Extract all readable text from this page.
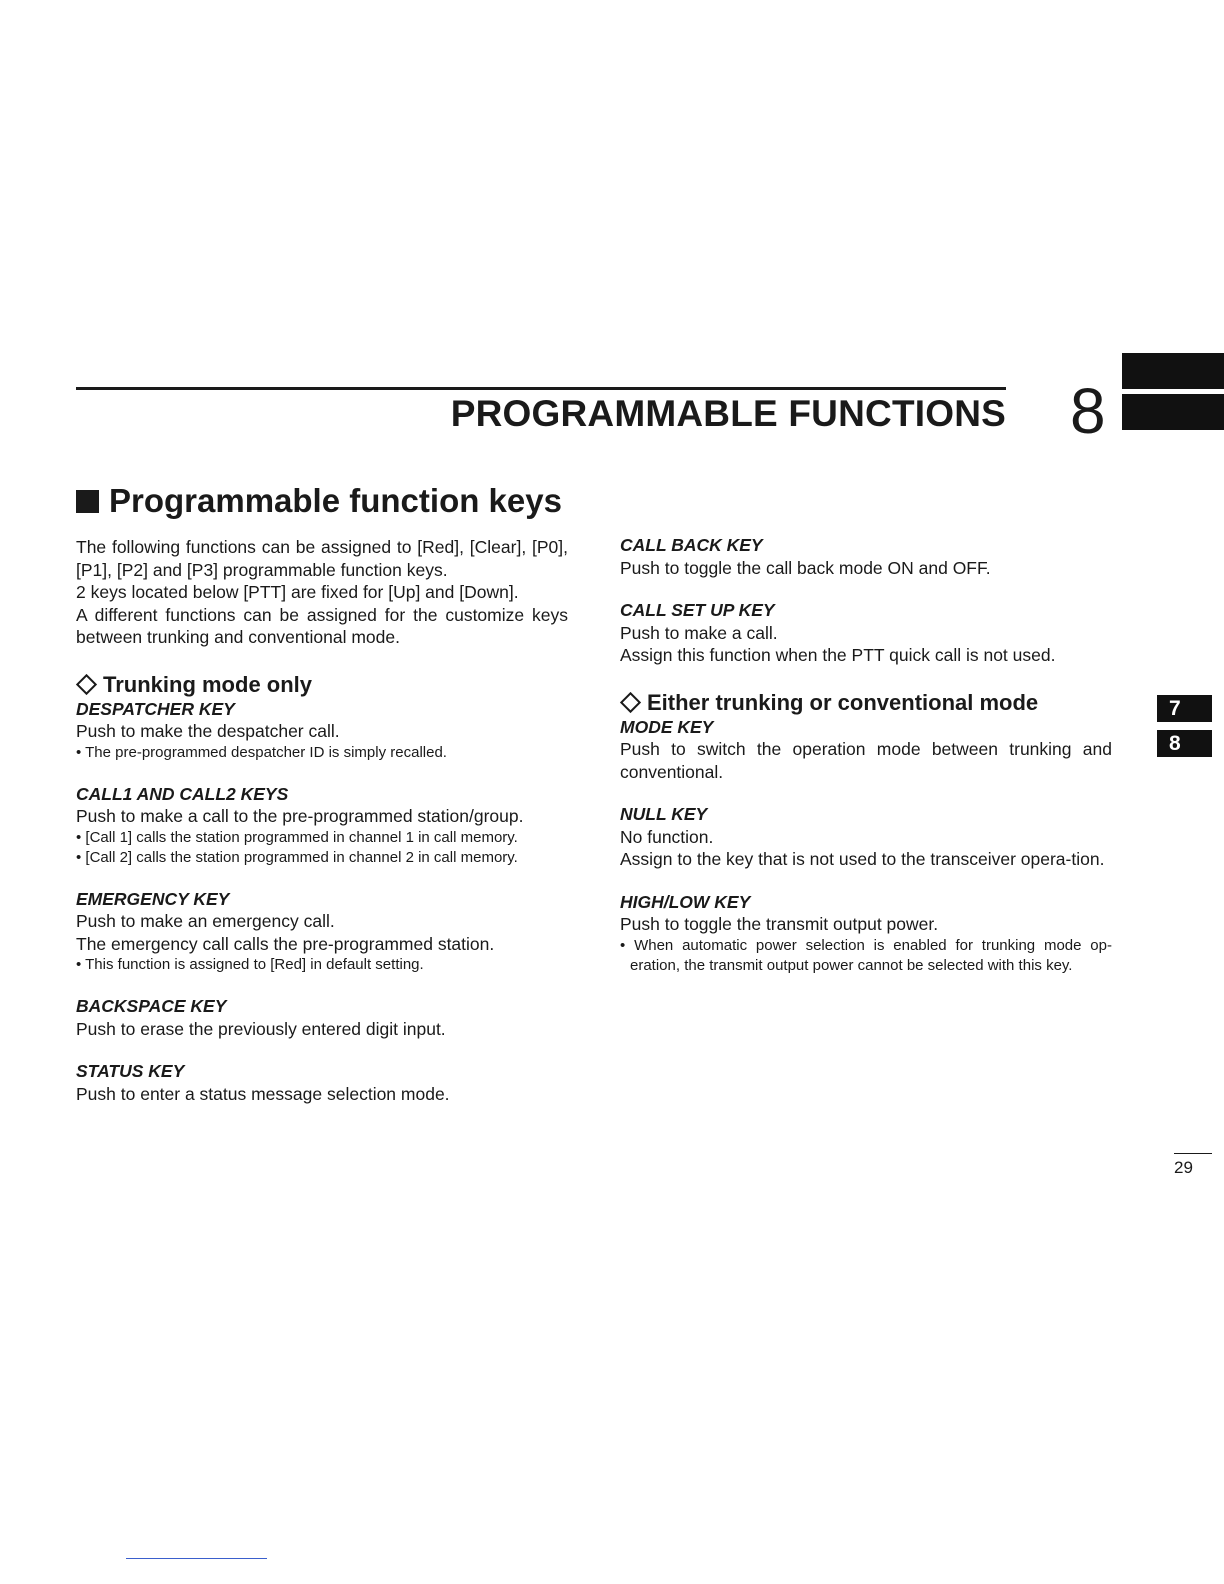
PROGRAMMABLE FUNCTIONS 8
Programmable function keys

The following functions can be assigned to [Red], [Clear], [P0], [P1], [P2] and [P3] programmable function keys.

2 keys located below [PTT] are fixed for [Up] and [Down].

A different functions can be assigned for the customize keys between trunking and conventional mode.

Trunking mode only

DESPATCHER KEY

Push to make the despatcher call.

• The pre-programmed despatcher ID is simply recalled.

CALL1 AND CALL2 KEYS

Push to make a call to the pre-programmed station/group.

• [Call 1] calls the station programmed in channel 1 in call memory.

• [Call 2] calls the station programmed in channel 2 in call memory.

EMERGENCY KEY

Push to make an emergency call.

The emergency call calls the pre-programmed station.

• This function is assigned to [Red] in default setting.

BACKSPACE KEY

Push to erase the previously entered digit input.

STATUS KEY

Push to enter a status message selection mode.

CALL BACK KEY

Push to toggle the call back mode ON and OFF.

CALL SET UP KEY

Push to make a call.

Assign this function when the PTT quick call is not used.

Either trunking or conventional mode

MODE KEY

Push to switch the operation mode between trunking and conventional.

NULL KEY

No function.

Assign to the key that is not used to the transceiver opera-tion.

HIGH/LOW KEY

Push to toggle the transmit output power.

• When automatic power selection is enabled for trunking mode op-eration, the transmit output power cannot be selected with this key.

7
8
29
